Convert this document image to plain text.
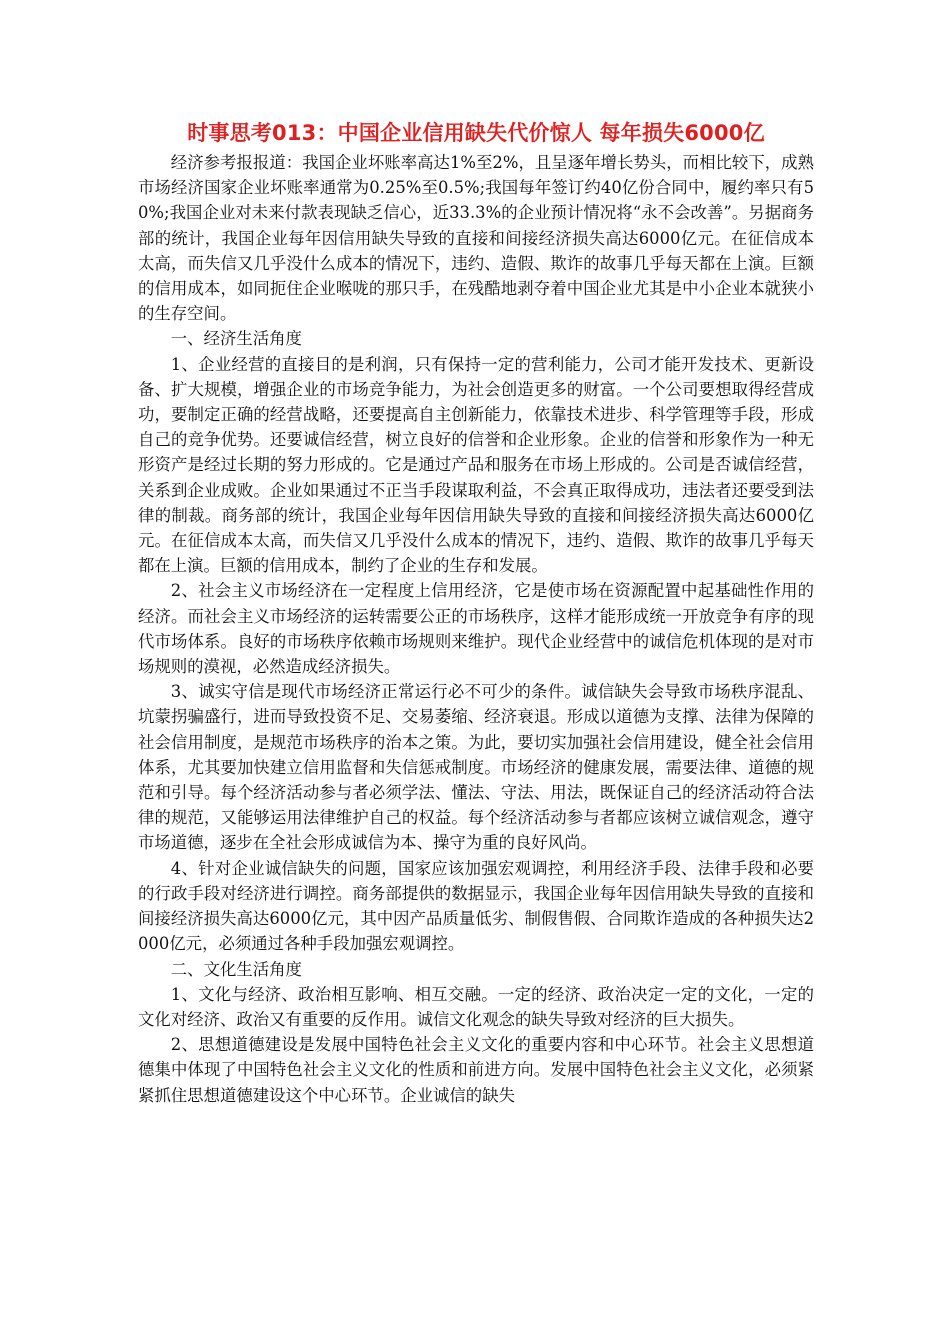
时事思考013：中国企业信用缺失代价惊人 每年损失6000亿

经济参考报报道：我国企业坏账率高达1%至2%，且呈逐年增长势头，而相比较下，成熟市场经济国家企业坏账率通常为0.25%至0.5%;我国每年签订约40亿份合同中，履约率只有50%;我国企业对未来付款表现缺乏信心，近33.3%的企业预计情况将“永不会改善”。另据商务部的统计，我国企业每年因信用缺失导致的直接和间接经济损失高达6000亿元。在征信成本太高，而失信又几乎没什么成本的情况下，违约、造假、欺诈的故事几乎每天都在上演。巨额的信用成本，如同扼住企业喉咙的那只手，在残酷地剥夺着中国企业尤其是中小企业本就狭小的生存空间。

一、经济生活角度

1、企业经营的直接目的是利润，只有保持一定的营利能力，公司才能开发技术、更新设备、扩大规模，增强企业的市场竞争能力，为社会创造更多的财富。一个公司要想取得经营成功，要制定正确的经营战略，还要提高自主创新能力，依靠技术进步、科学管理等手段，形成自己的竞争优势。还要诚信经营，树立良好的信誉和企业形象。企业的信誉和形象作为一种无形资产是经过长期的努力形成的。它是通过产品和服务在市场上形成的。公司是否诚信经营，关系到企业成败。企业如果通过不正当手段谋取利益，不会真正取得成功，违法者还要受到法律的制裁。商务部的统计，我国企业每年因信用缺失导致的直接和间接经济损失高达6000亿元。在征信成本太高，而失信又几乎没什么成本的情况下，违约、造假、欺诈的故事几乎每天都在上演。巨额的信用成本，制约了企业的生存和发展。

2、社会主义市场经济在一定程度上信用经济，它是使市场在资源配置中起基础性作用的经济。而社会主义市场经济的运转需要公正的市场秩序，这样才能形成统一开放竞争有序的现代市场体系。良好的市场秩序依赖市场规则来维护。现代企业经营中的诚信危机体现的是对市场规则的漠视，必然造成经济损失。

3、诚实守信是现代市场经济正常运行必不可少的条件。诚信缺失会导致市场秩序混乱、坑蒙拐骗盛行，进而导致投资不足、交易萎缩、经济衰退。形成以道德为支撑、法律为保障的社会信用制度，是规范市场秩序的治本之策。为此，要切实加强社会信用建设，健全社会信用体系，尤其要加快建立信用监督和失信惩戒制度。市场经济的健康发展，需要法律、道德的规范和引导。每个经济活动参与者必须学法、懂法、守法、用法，既保证自己的经济活动符合法律的规范，又能够运用法律维护自己的权益。每个经济活动参与者都应该树立诚信观念，遵守市场道德，逐步在全社会形成诚信为本、操守为重的良好风尚。

4、针对企业诚信缺失的问题，国家应该加强宏观调控，利用经济手段、法律手段和必要的行政手段对经济进行调控。商务部提供的数据显示，我国企业每年因信用缺失导致的直接和间接经济损失高达6000亿元，其中因产品质量低劣、制假售假、合同欺诈造成的各种损失达2000亿元，必须通过各种手段加强宏观调控。

二、文化生活角度

1、文化与经济、政治相互影响、相互交融。一定的经济、政治决定一定的文化，一定的文化对经济、政治又有重要的反作用。诚信文化观念的缺失导致对经济的巨大损失。

2、思想道德建设是发展中国特色社会主义文化的重要内容和中心环节。社会主义思想道德集中体现了中国特色社会主义文化的性质和前进方向。发展中国特色社会主义文化，必须紧紧抓住思想道德建设这个中心环节。企业诚信的缺失
